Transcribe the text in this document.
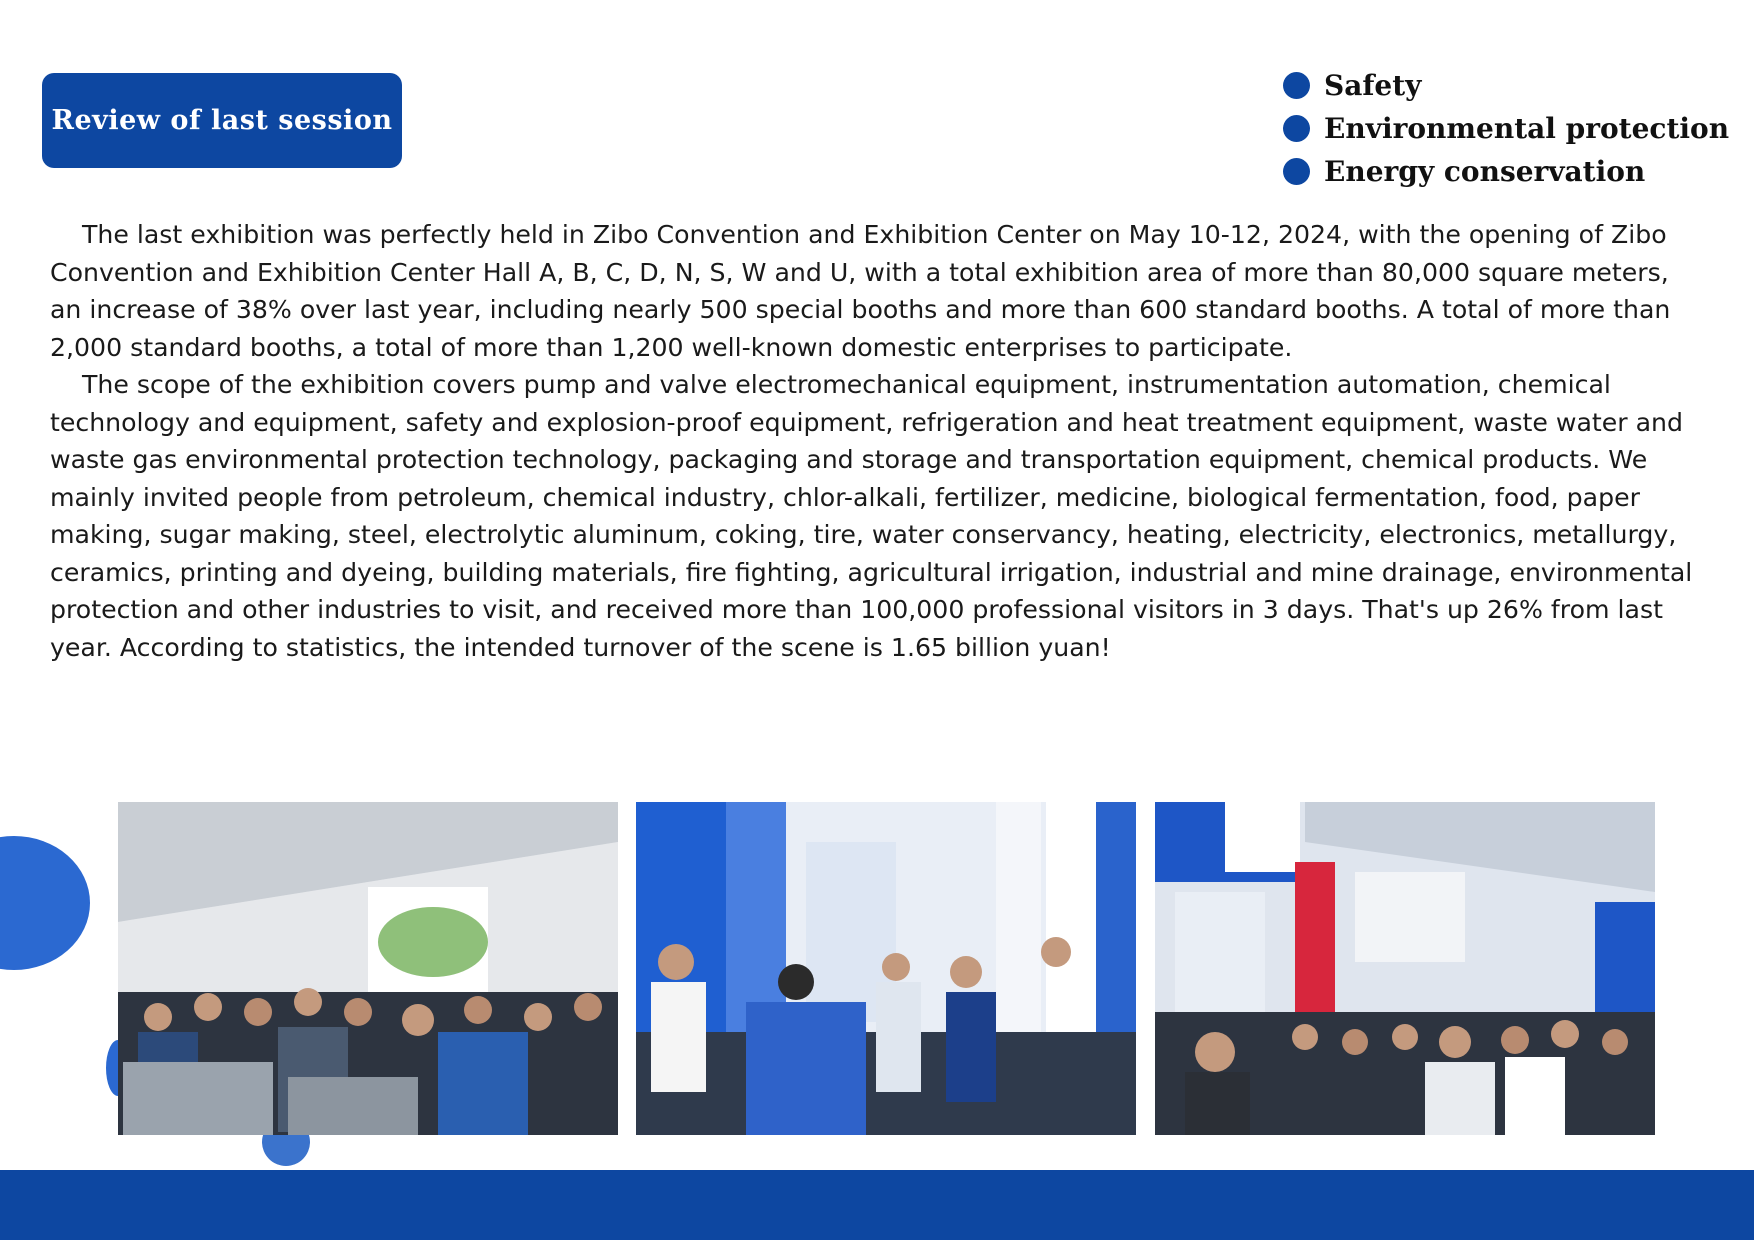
Review of last session
Safety
Environmental protection
Energy conservation

The last exhibition was perfectly held in Zibo Convention and Exhibition Center on May 10-12, 2024, with the opening of Zibo Convention and Exhibition Center Hall A, B, C, D, N, S, W and U, with a total exhibition area of more than 80,000 square meters, an increase of 38% over last year, including nearly 500 special booths and more than 600 standard booths. A total of more than 2,000 standard booths, a total of more than 1,200 well-known domestic enterprises to participate.

The scope of the exhibition covers pump and valve electromechanical equipment, instrumentation automation, chemical technology and equipment, safety and explosion-proof equipment, refrigeration and heat treatment equipment, waste water and waste gas environmental protection technology, packaging and storage and transportation equipment, chemical products. We mainly invited people from petroleum, chemical industry, chlor-alkali, fertilizer, medicine, biological fermentation, food, paper making, sugar making, steel, electrolytic aluminum, coking, tire, water conservancy, heating, electricity, electronics, metallurgy, ceramics, printing and dyeing, building materials, fire fighting, agricultural irrigation, industrial and mine drainage, environmental protection and other industries to visit, and received more than 100,000 professional visitors in 3 days. That's up 26% from last year. According to statistics, the intended turnover of the scene is 1.65 billion yuan!
